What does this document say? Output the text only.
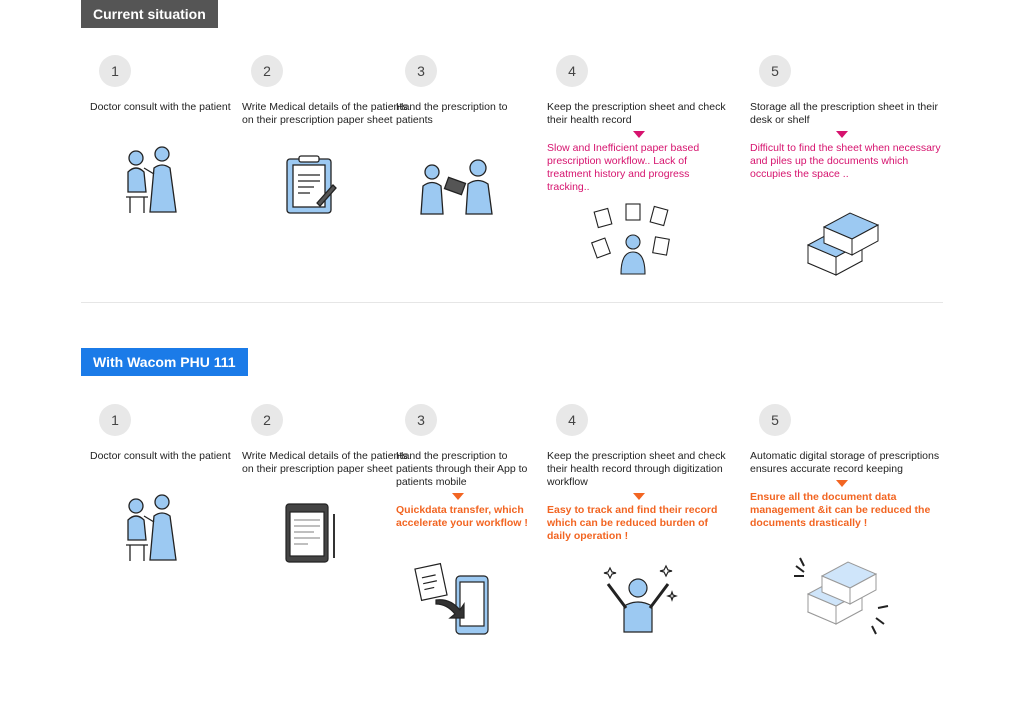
Current situation
1
Doctor consult with the patient
2
Write Medical details of the patients on their prescription paper sheet
3
Hand the prescription to patients
4
Keep the prescription sheet and check their health record
Slow and Inefficient paper based prescription workflow.. Lack of treatment history and progress tracking..
5
Storage all the prescription sheet in their desk or shelf
Difficult to find the sheet when necessary and piles up the documents which occupies the space ..
With Wacom PHU 111
1
Doctor consult with the patient
2
Write Medical details of the patients on their prescription paper sheet
3
Hand the prescription to patients through their App to patients mobile
Quickdata transfer, which accelerate your workflow !
4
Keep the prescription sheet and check their health record through digitization workflow
Easy to track and find their record which can be reduced burden of daily operation !
5
Automatic digital storage of prescriptions ensures accurate record keeping
Ensure all the document data management &it can be reduced the documents drastically !
